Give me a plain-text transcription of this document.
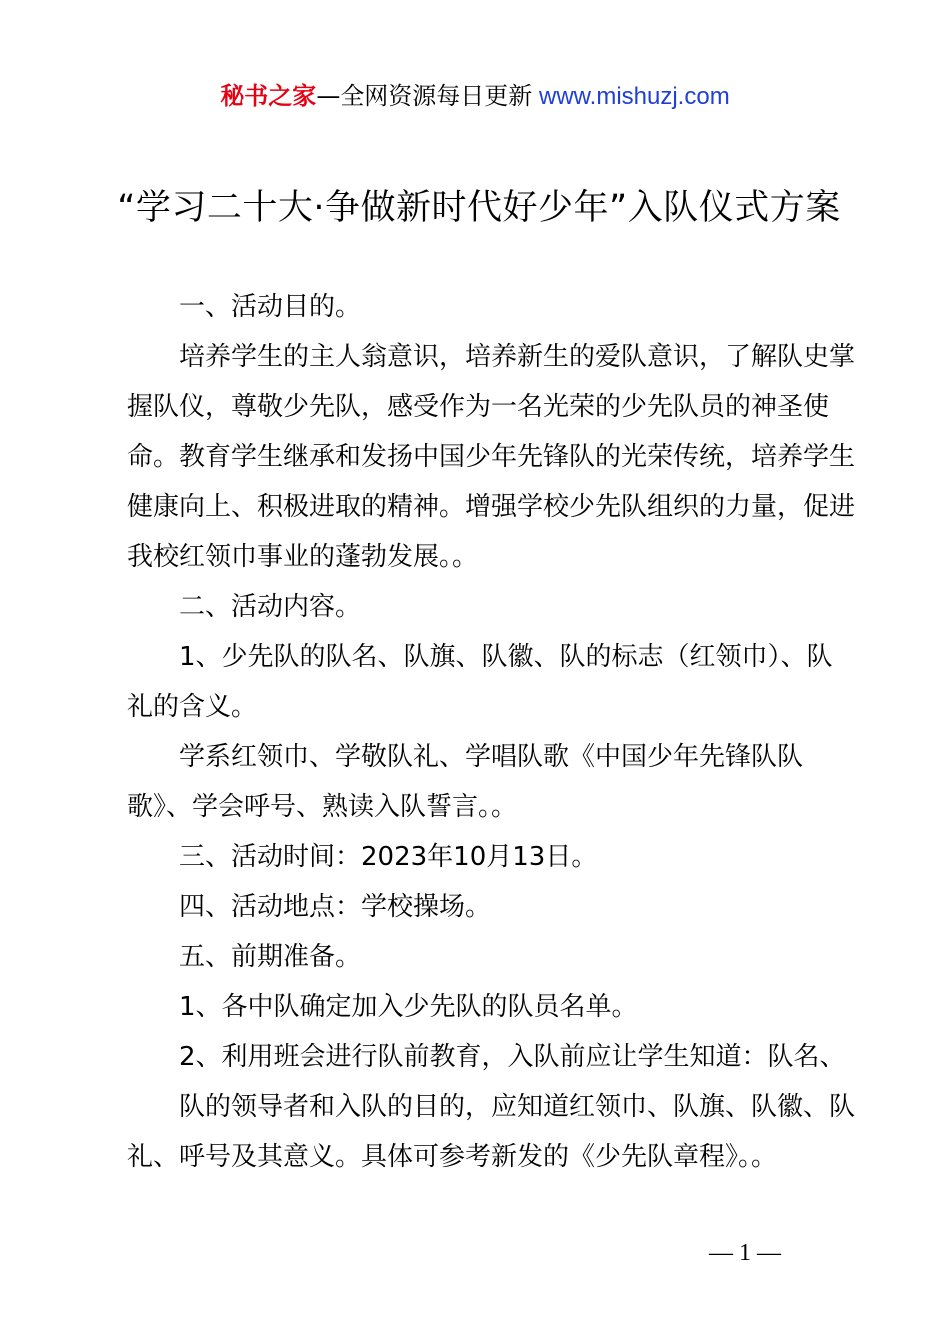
秘书之家—全网资源每日更新 www.mishuzj.com
“学习二十大·争做新时代好少年”入队仪式方案

一、活动目的。

培养学生的主人翁意识，培养新生的爱队意识，了解队史掌握队仪，尊敬少先队，感受作为一名光荣的少先队员的神圣使命。教育学生继承和发扬中国少年先锋队的光荣传统，培养学生健康向上、积极进取的精神。增强学校少先队组织的力量，促进我校红领巾事业的蓬勃发展。。

二、活动内容。

1、少先队的队名、队旗、队徽、队的标志（红领巾）、队礼的含义。

学系红领巾、学敬队礼、学唱队歌《中国少年先锋队队歌》、学会呼号、熟读入队誓言。。

三、活动时间：2023年10月13日。

四、活动地点：学校操场。

五、前期准备。

1、各中队确定加入少先队的队员名单。

2、利用班会进行队前教育，入队前应让学生知道：队名、

队的领导者和入队的目的，应知道红领巾、队旗、队徽、队礼、呼号及其意义。具体可参考新发的《少先队章程》。。

— 1 —
